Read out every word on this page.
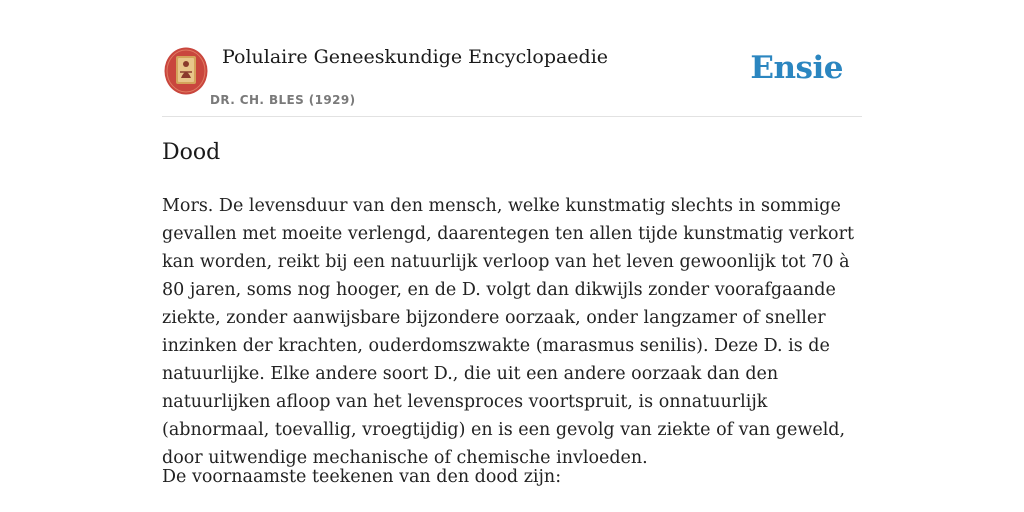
Polulaire Geneeskundige Encyclopaedie
DR. CH. BLES (1929)
Ensie
Dood

Mors. De levensduur van den mensch, welke kunstmatig slechts in sommige gevallen met moeite verlengd, daarentegen ten allen tijde kunstmatig verkort kan worden, reikt bij een natuurlijk verloop van het leven gewoonlijk tot 70 à 80 jaren, soms nog hooger, en de D. volgt dan dikwijls zonder voorafgaande ziekte, zonder aanwijsbare bijzondere oorzaak, onder langzamer of sneller inzinken der krachten, ouderdomszwakte (marasmus senilis). Deze D. is de natuurlijke. Elke andere soort D., die uit een andere oorzaak dan den natuurlijken afloop van het levensproces voortspruit, is onnatuurlijk (abnormaal, toevallig, vroegtijdig) en is een gevolg van ziekte of van geweld, door uitwendige mechanische of chemische invloeden.

De voornaamste teekenen van den dood zijn:
